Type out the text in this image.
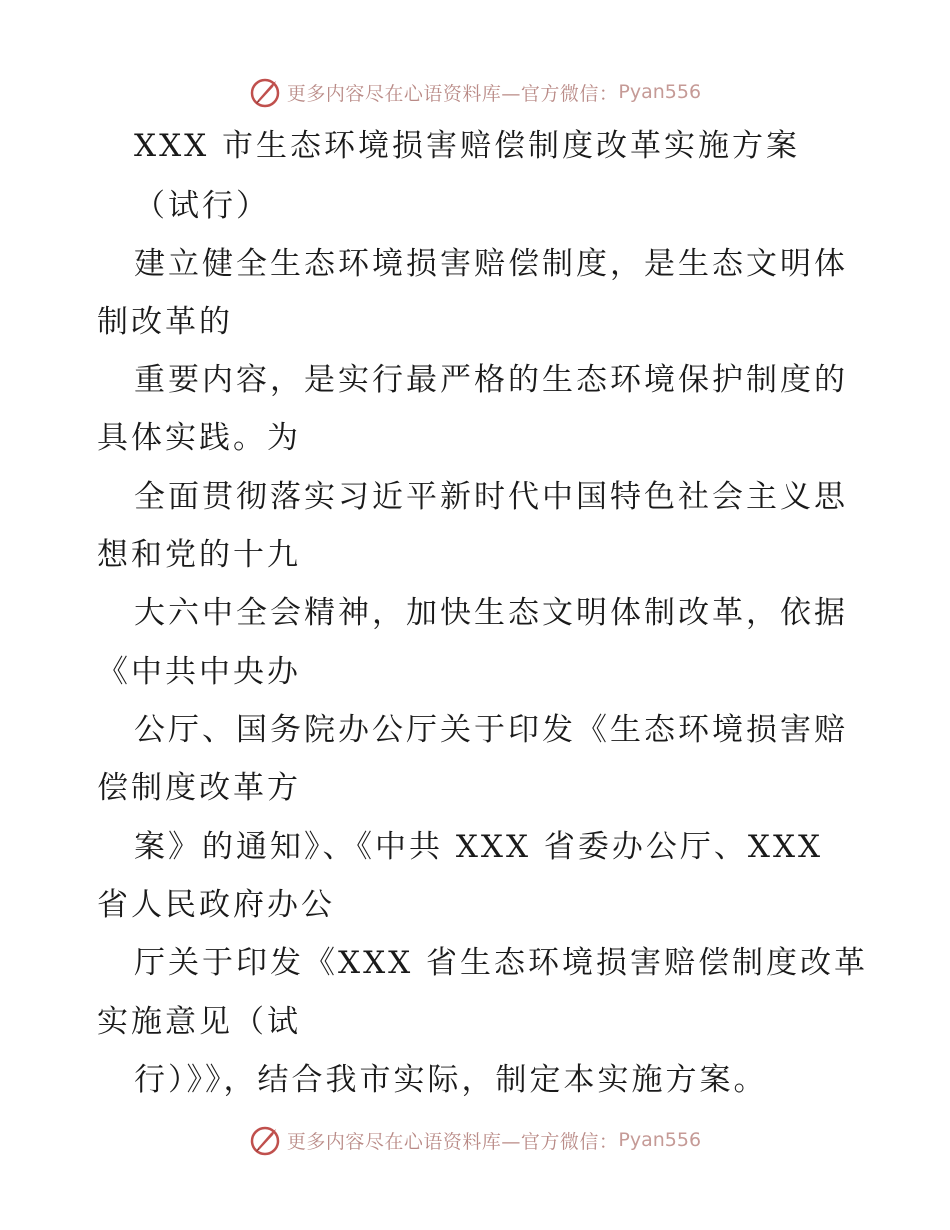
更多内容尽在心语资料库—官方微信： Pyan556
XXX 市生态环境损害赔偿制度改革实施方案
（试行）
建立健全生态环境损害赔偿制度，是生态文明体
制改革的
重要内容，是实行最严格的生态环境保护制度的
具体实践。为
全面贯彻落实习近平新时代中国特色社会主义思
想和党的十九
大六中全会精神，加快生态文明体制改革，依据
《中共中央办
公厅、国务院办公厅关于印发《生态环境损害赔
偿制度改革方
案》的通知》、《中共 XXX 省委办公厅、XXX
省人民政府办公
厅关于印发《XXX 省生态环境损害赔偿制度改革
实施意见（试
行）》》，结合我市实际，制定本实施方案。
更多内容尽在心语资料库—官方微信： Pyan556
